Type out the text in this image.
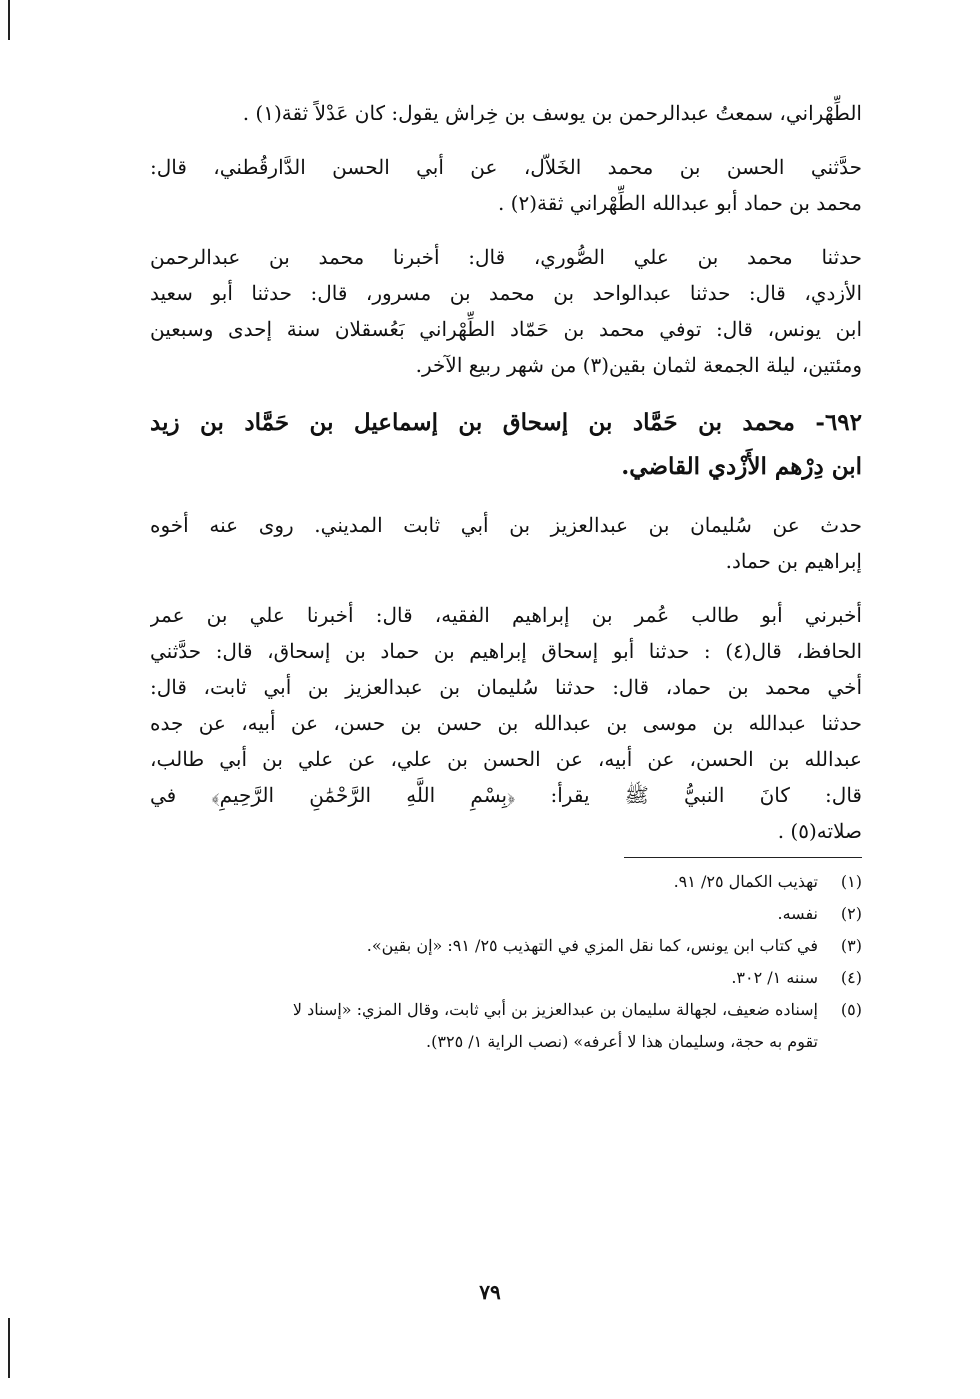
الطِّهْراني، سمعتُ عبدالرحمن بن يوسف بن خِراش يقول: كان عَدْلاً ثقة(١) .
حدَّثني الحسن بن محمد الخَلاّل، عن أبي الحسن الدَّارقُطني، قال:
محمد بن حماد أبو عبدالله الطِّهْراني ثقة(٢) .
حدثنا محمد بن علي الصُّوري، قال: أخبرنا محمد بن عبدالرحمن
الأزدي، قال: حدثنا عبدالواحد بن محمد بن مسرور، قال: حدثنا أبو سعيد
ابن يونس، قال: توفي محمد بن حَمّاد الطِّهْراني بَعُسقلان سنة إحدى وسبعين
ومئتين، ليلة الجمعة لثمان بقين(٣) من شهر ربيع الآخر.
٦٩٢- محمد بن حَمَّاد بن إسحاق بن إسماعيل بن حَمَّاد بن زيد
ابن دِرْهم الأَزْدي القاضي.
حدث عن سُليمان بن عبدالعزيز بن أبي ثابت المديني. روى عنه أخوه
إبراهيم بن حماد.
أخبرني أبو طالب عُمر بن إبراهيم الفقيه، قال: أخبرنا علي بن عمر
الحافظ، قال(٤) : حدثنا أبو إسحاق إبراهيم بن حماد بن إسحاق، قال: حدَّثني
أخي محمد بن حماد، قال: حدثنا سُليمان بن عبدالعزيز بن أبي ثابت، قال:
حدثنا عبدالله بن موسى بن عبدالله بن حسن بن حسن، عن أبيه، عن جده
عبدالله بن الحسن، عن أبيه، عن الحسن بن علي، عن علي بن أبي طالب،
قال: كانَ النبيُّ ﷺ يقرأ: ﴿بِسْمِ اللَّهِ الرَّحْمَٰنِ الرَّحِيمِ﴾ في
صلاته(٥) .
(١)تهذيب الكمال ٢٥/ ٩١.
(٢)نفسه.
(٣)في كتاب ابن يونس، كما نقل المزي في التهذيب ٢٥/ ٩١: «إن بقين».
(٤)سننه ١/ ٣٠٢.
(٥)إسناده ضعيف، لجهالة سليمان بن عبدالعزيز بن أبي ثابت، وقال المزي: «إسناد لا
تقوم به حجة، وسليمان هذا لا أعرفه» (نصب الراية ١/ ٣٢٥).
٧٩
